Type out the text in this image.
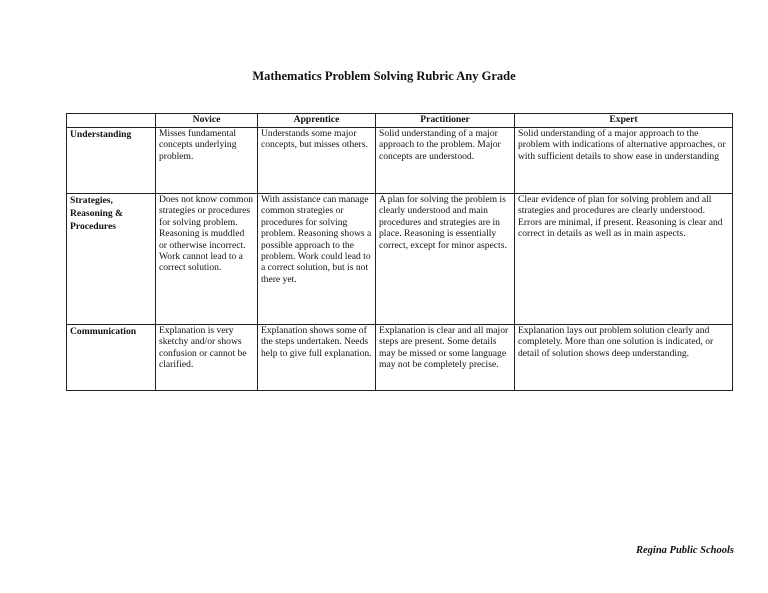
Mathematics Problem Solving Rubric Any Grade
	Novice	Apprentice	Practitioner	Expert
Understanding	Misses fundamental concepts underlying problem.	Understands some major concepts, but misses others.	Solid understanding of a major approach to the problem. Major concepts are understood.	Solid understanding of a major approach to the problem with indications of alternative approaches, or with sufficient details to show ease in understanding
Strategies, Reasoning & Procedures	Does not know common strategies or procedures for solving problem. Reasoning is muddled or otherwise incorrect. Work cannot lead to a correct solution.	With assistance can manage common strategies or procedures for solving problem. Reasoning shows a possible approach to the problem. Work could lead to a correct solution, but is not there yet.	A plan for solving the problem is clearly understood and main procedures and strategies are in place. Reasoning is essentially correct, except for minor aspects.	Clear evidence of plan for solving problem and all strategies and procedures are clearly understood. Errors are minimal, if present. Reasoning is clear and correct in details as well as in main aspects.
Communication	Explanation is very sketchy and/or shows confusion or cannot be clarified.	Explanation shows some of the steps undertaken. Needs help to give full explanation.	Explanation is clear and all major steps are present. Some details may be missed or some language may not be completely precise.	Explanation lays out problem solution clearly and completely. More than one solution is indicated, or detail of solution shows deep understanding.
Regina Public Schools
